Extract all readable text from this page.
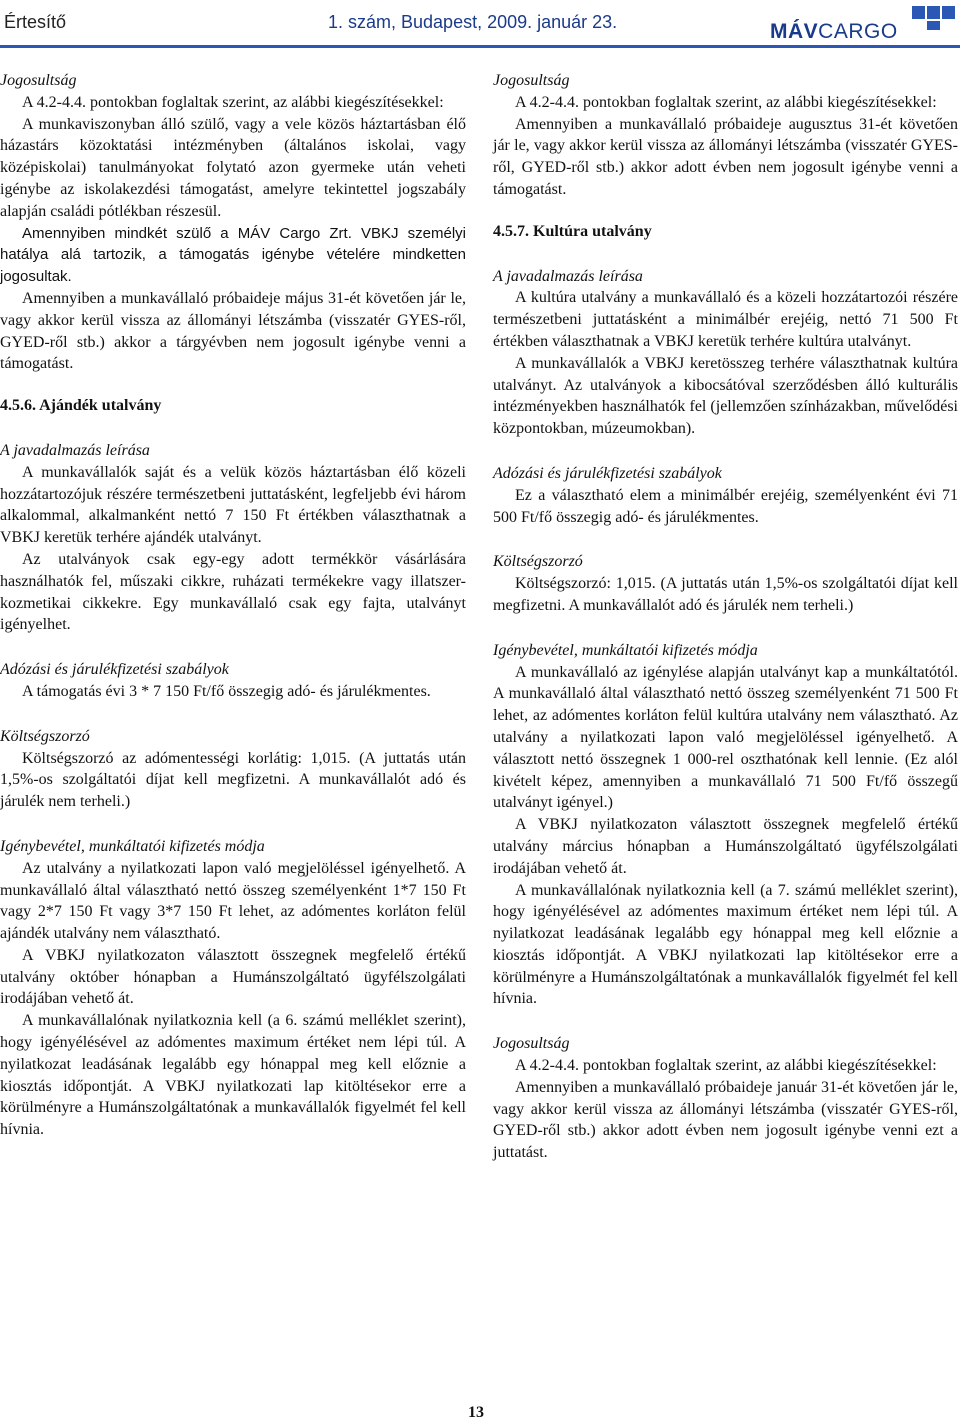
Értesítő	1. szám, Budapest, 2009. január 23.	MÁVCARGO

Jogosultság

A 4.2-4.4. pontokban foglaltak szerint, az alábbi kiegészítésekkel:

A munkaviszonyban álló szülő, vagy a vele közös háztartásban élő házastárs közoktatási intézményben (általános iskolai, vagy középiskolai) tanulmányokat folytató azon gyermeke után veheti igénybe az iskolakezdési támogatást, amelyre tekintettel jogszabály alapján családi pótlékban részesül.

Amennyiben mindkét szülő a MÁV Cargo Zrt. VBKJ személyi hatálya alá tartozik, a támogatás igénybe vételére mindketten jogosultak.

Amennyiben a munkavállaló próbaideje május 31-ét követően jár le, vagy akkor kerül vissza az állományi létszámba (visszatér GYES-ről, GYED-ről stb.) akkor a tárgyévben nem jogosult igénybe venni a támogatást.

4.5.6. Ajándék utalvány

A javadalmazás leírása

A munkavállalók saját és a velük közös háztartásban élő közeli hozzátartozójuk részére természetbeni juttatásként, legfeljebb évi három alkalommal, alkalmanként nettó 7 150 Ft értékben választhatnak a VBKJ keretük terhére ajándék utalványt.

Az utalványok csak egy-egy adott termékkör vásárlására használhatók fel, műszaki cikkre, ruházati termékekre vagy illatszer-kozmetikai cikkekre. Egy munkavállaló csak egy fajta, utalványt igényelhet.

Adózási és járulékfizetési szabályok

A támogatás évi 3 * 7 150 Ft/fő összegig adó- és járulékmentes.

Költségszorzó

Költségszorzó az adómentességi korlátig: 1,015. (A juttatás után 1,5%-os szolgáltatói díjat kell megfizetni. A munkavállalót adó és járulék nem terheli.)

Igénybevétel, munkáltatói kifizetés módja

Az utalvány a nyilatkozati lapon való megjelöléssel igényelhető. A munkavállaló által választható nettó összeg személyenként 1*7 150 Ft vagy 2*7 150 Ft vagy 3*7 150 Ft lehet, az adómentes korláton felül ajándék utalvány nem választható.

A VBKJ nyilatkozaton választott összegnek megfelelő értékű utalvány október hónapban a Humánszolgáltató ügyfélszolgálati irodájában vehető át.

A munkavállalónak nyilatkoznia kell (a 6. számú melléklet szerint), hogy igényélésével az adómentes maximum értéket nem lépi túl. A nyilatkozat leadásának legalább egy hónappal meg kell előznie a kiosztás időpontját. A VBKJ nyilatkozati lap kitöltésekor erre a körülményre a Humánszolgáltatónak a munkavállalók figyelmét fel kell hívnia.

Jogosultság

A 4.2-4.4. pontokban foglaltak szerint, az alábbi kiegészítésekkel:

Amennyiben a munkavállaló próbaideje augusztus 31-ét követően jár le, vagy akkor kerül vissza az állományi létszámba (visszatér GYES-ről, GYED-ről stb.) akkor adott évben nem jogosult igénybe venni a támogatást.

4.5.7. Kultúra utalvány

A javadalmazás leírása

A kultúra utalvány a munkavállaló és a közeli hozzátartozói részére természetbeni juttatásként a minimálbér erejéig, nettó 71 500 Ft értékben választhatnak a VBKJ keretük terhére kultúra utalványt.

A munkavállalók a VBKJ keretösszeg terhére választhatnak kultúra utalványt. Az utalványok a kibocsátóval szerződésben álló kulturális intézményekben használhatók fel (jellemzően színházakban, művelődési központokban, múzeumokban).

Adózási és járulékfizetési szabályok

Ez a választható elem a minimálbér erejéig, személyenként évi 71 500 Ft/fő összegig adó- és járulékmentes.

Költségszorzó

Költségszorzó: 1,015. (A juttatás után 1,5%-os szolgáltatói díjat kell megfizetni. A munkavállalót adó és járulék nem terheli.)

Igénybevétel, munkáltatói kifizetés módja

A munkavállaló az igénylése alapján utalványt kap a munkáltatótól. A munkavállaló által választható nettó összeg személyenként 71 500 Ft lehet, az adómentes korláton felül kultúra utalvány nem választható. Az utalvány a nyilatkozati lapon való megjelöléssel igényelhető. A választott nettó összegnek 1 000-rel oszthatónak kell lennie. (Ez alól kivételt képez, amennyiben a munkavállaló 71 500 Ft/fő összegű utalványt igényel.)

A VBKJ nyilatkozaton választott összegnek megfelelő értékű utalvány március hónapban a Humánszolgáltató ügyfélszolgálati irodájában vehető át.

A munkavállalónak nyilatkoznia kell (a 7. számú melléklet szerint), hogy igényélésével az adómentes maximum értéket nem lépi túl. A nyilatkozat leadásának legalább egy hónappal meg kell előznie a kiosztás időpontját. A VBKJ nyilatkozati lap kitöltésekor erre a körülményre a Humánszolgáltatónak a munkavállalók figyelmét fel kell hívnia.

Jogosultság

A 4.2-4.4. pontokban foglaltak szerint, az alábbi kiegészítésekkel:

Amennyiben a munkavállaló próbaideje január 31-ét követően jár le, vagy akkor kerül vissza az állományi létszámba (visszatér GYES-ről, GYED-ről stb.) akkor adott évben nem jogosult igénybe venni ezt a juttatást.

13
